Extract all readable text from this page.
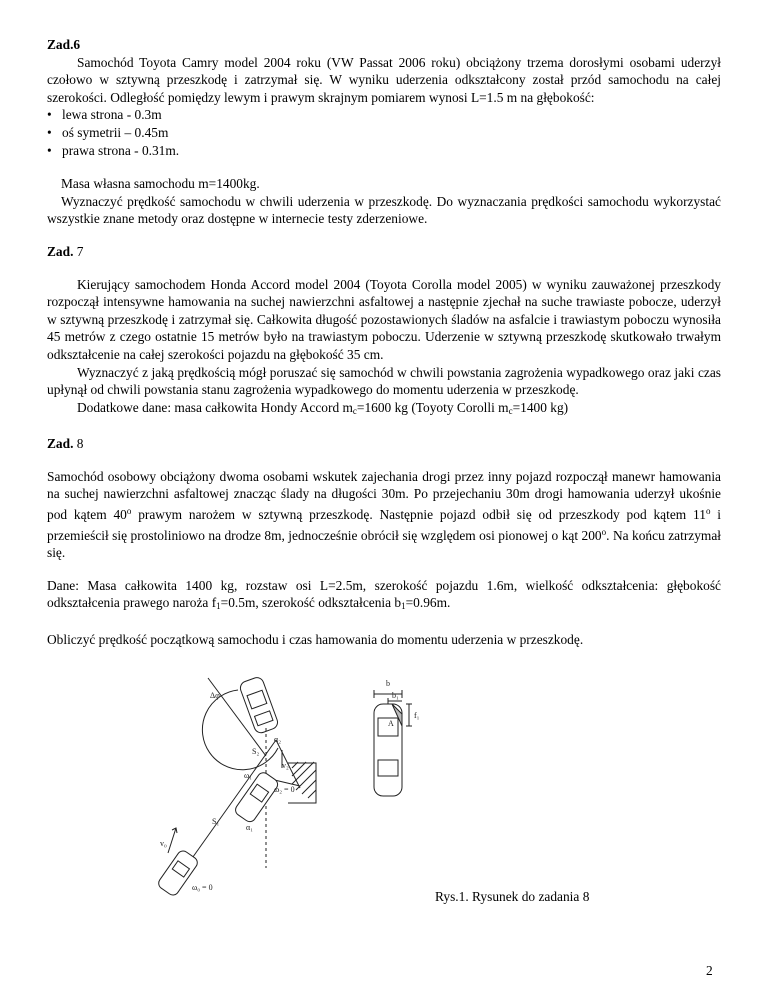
Zad.6

Samochód Toyota Camry model 2004 roku (VW Passat 2006 roku) obciążony trzema dorosłymi osobami uderzył czołowo w sztywną przeszkodę i zatrzymał się. W wyniku uderzenia odkształcony został przód samochodu na całej szerokości. Odległość pomiędzy lewym i prawym skrajnym pomiarem wynosi L=1.5 m na głębokość:

• lewa strona - 0.3m
• oś symetrii – 0.45m
• prawa strona - 0.31m.

Masa własna samochodu m=1400kg.

Wyznaczyć prędkość samochodu w chwili uderzenia w przeszkodę. Do wyznaczania prędkości samochodu wykorzystać wszystkie znane metody oraz dostępne w internecie testy zderzeniowe.

Zad. 7

Kierujący samochodem Honda Accord model 2004 (Toyota Corolla model 2005) w wyniku zauważonej przeszkody rozpoczął intensywne hamowania na suchej nawierzchni asfaltowej a następnie zjechał na suche trawiaste pobocze, uderzył w sztywną przeszkodę i zatrzymał się. Całkowita długość pozostawionych śladów na asfalcie i trawiastym poboczu wynosiła 45 metrów z czego ostatnie 15 metrów było na trawiastym poboczu. Uderzenie w sztywną przeszkodę skutkowało trwałym odkształcenie na całej szerokości pojazdu na głębokość 35 cm.

Wyznaczyć z jaką prędkością mógł poruszać się samochód w chwili powstania zagrożenia wypadkowego oraz jaki czas upłynął od chwili powstania stanu zagrożenia wypadkowego do momentu uderzenia w przeszkodę.

Dodatkowe dane: masa całkowita Hondy Accord $m_c=1600$ kg (Toyoty Corolli $m_c=1400$ kg)

Zad. 8

Samochód osobowy obciążony dwoma osobami wskutek zajechania drogi przez inny pojazd rozpoczął manewr hamowania na suchej nawierzchni asfaltowej znacząc ślady na długości 30m. Po przejechaniu 30m drogi hamowania uderzył ukośnie pod kątem 40$^o$ prawym narożem w sztywną przeszkodę. Następnie pojazd odbił się od przeszkody pod kątem 11$^o$ i przemieścił się prostoliniowo na drodze 8m, jednocześnie obrócił się względem osi pionowej o kąt 200$^o$. Na końcu zatrzymał się.

Dane: Masa całkowita 1400 kg, rozstaw osi L=2.5m, szerokość pojazdu 1.6m, wielkość odkształcenia: głębokość odkształcenia prawego naroża $f_1=0.5m$, szerokość odkształcenia $b_1=0.96m$.

Obliczyć prędkość początkową samochodu i czas hamowania do momentu uderzenia w przeszkodę.

Δφ
S₂
α₂
v₂
ω₁
ω₂ = 0
S₁
α₁
v₀
ω₀ = 0
b
b₁
f₁
A

Rys.1. Rysunek do zadania 8

2
